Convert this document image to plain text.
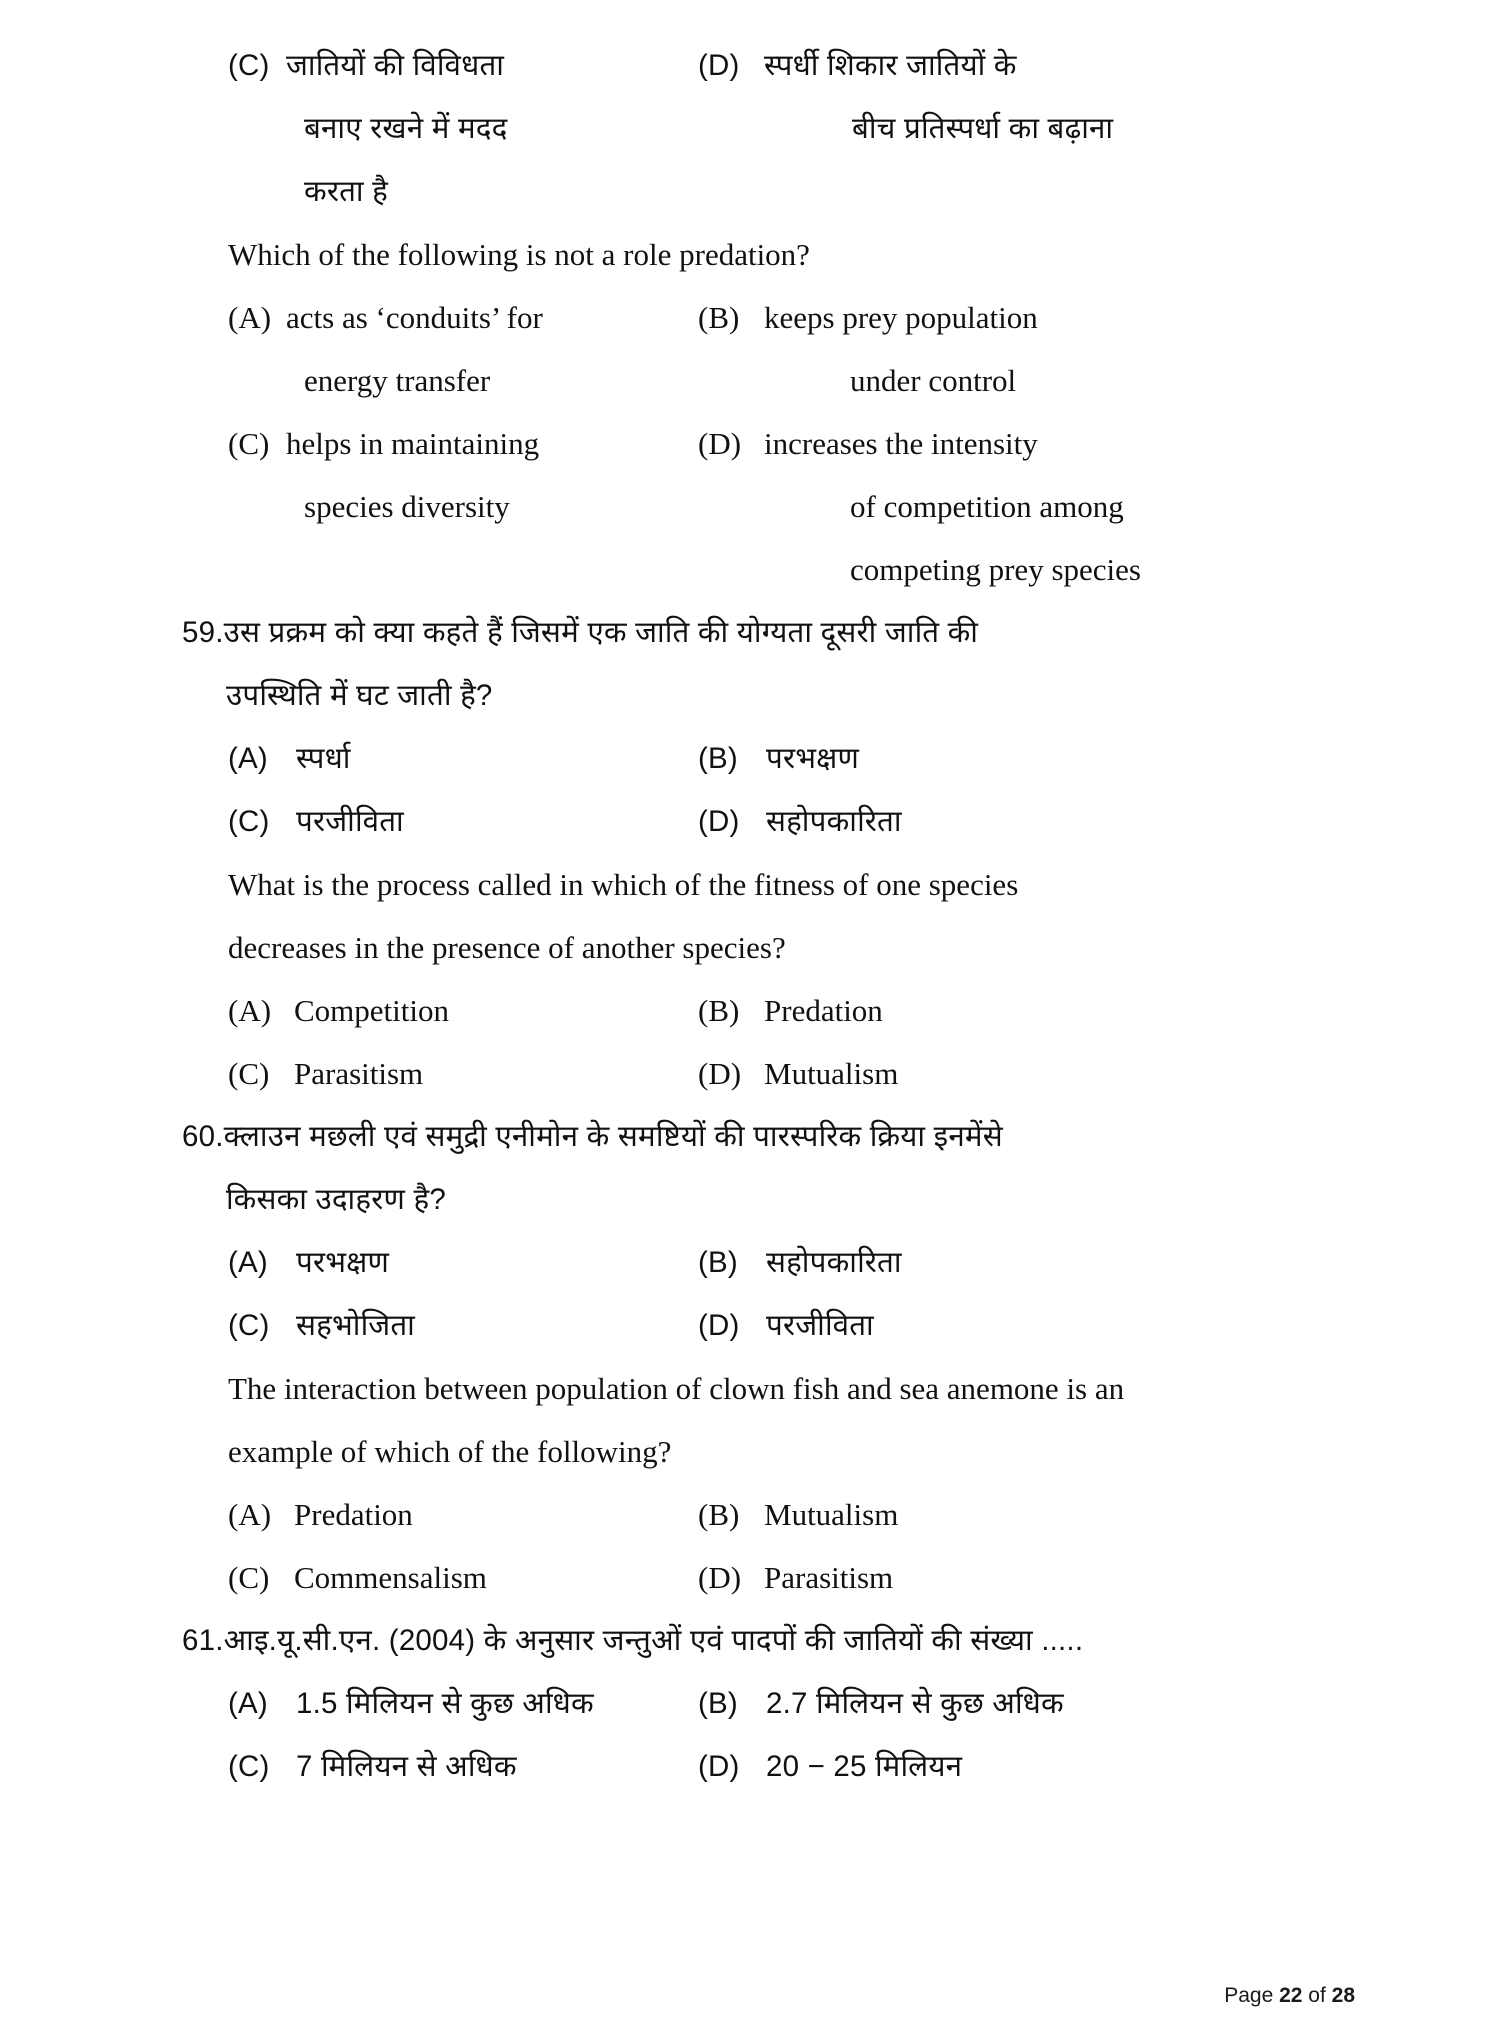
(C) जातियों की विविधता	(D) स्पर्धी शिकार जातियों के
बनाए रखने में मदद	बीच प्रतिस्पर्धा का बढ़ाना
करता है
Which of the following is not a role predation?
(A) acts as ‘conduits’ for	(B) keeps prey population
energy transfer	under control
(C) helps in maintaining	(D) increases the intensity
species diversity	of competition among
competing prey species
59. उस प्रक्रम को क्या कहते हैं जिसमें एक जाति की योग्यता दूसरी जाति की
उपस्थिति में घट जाती है?
(A) स्पर्धा	(B) परभक्षण
(C) परजीविता	(D) सहोपकारिता
What is the process called in which of the fitness of one species
decreases in the presence of another species?
(A) Competition	(B) Predation
(C) Parasitism	(D) Mutualism
60. क्लाउन मछली एवं समुद्री एनीमोन के समष्टियों की पारस्परिक क्रिया इनमेंसे
किसका उदाहरण है?
(A) परभक्षण	(B) सहोपकारिता
(C) सहभोजिता	(D) परजीविता
The interaction between population of clown fish and sea anemone is an
example of which of the following?
(A) Predation	(B) Mutualism
(C) Commensalism	(D) Parasitism
61. आइ.यू.सी.एन. (2004) के अनुसार जन्तुओं एवं पादपों की जातियों की संख्या .....
(A) 1.5 मिलियन से कुछ अधिक	(B) 2.7 मिलियन से कुछ अधिक
(C) 7 मिलियन से अधिक	(D) 20 − 25 मिलियन
Page 22 of 28
